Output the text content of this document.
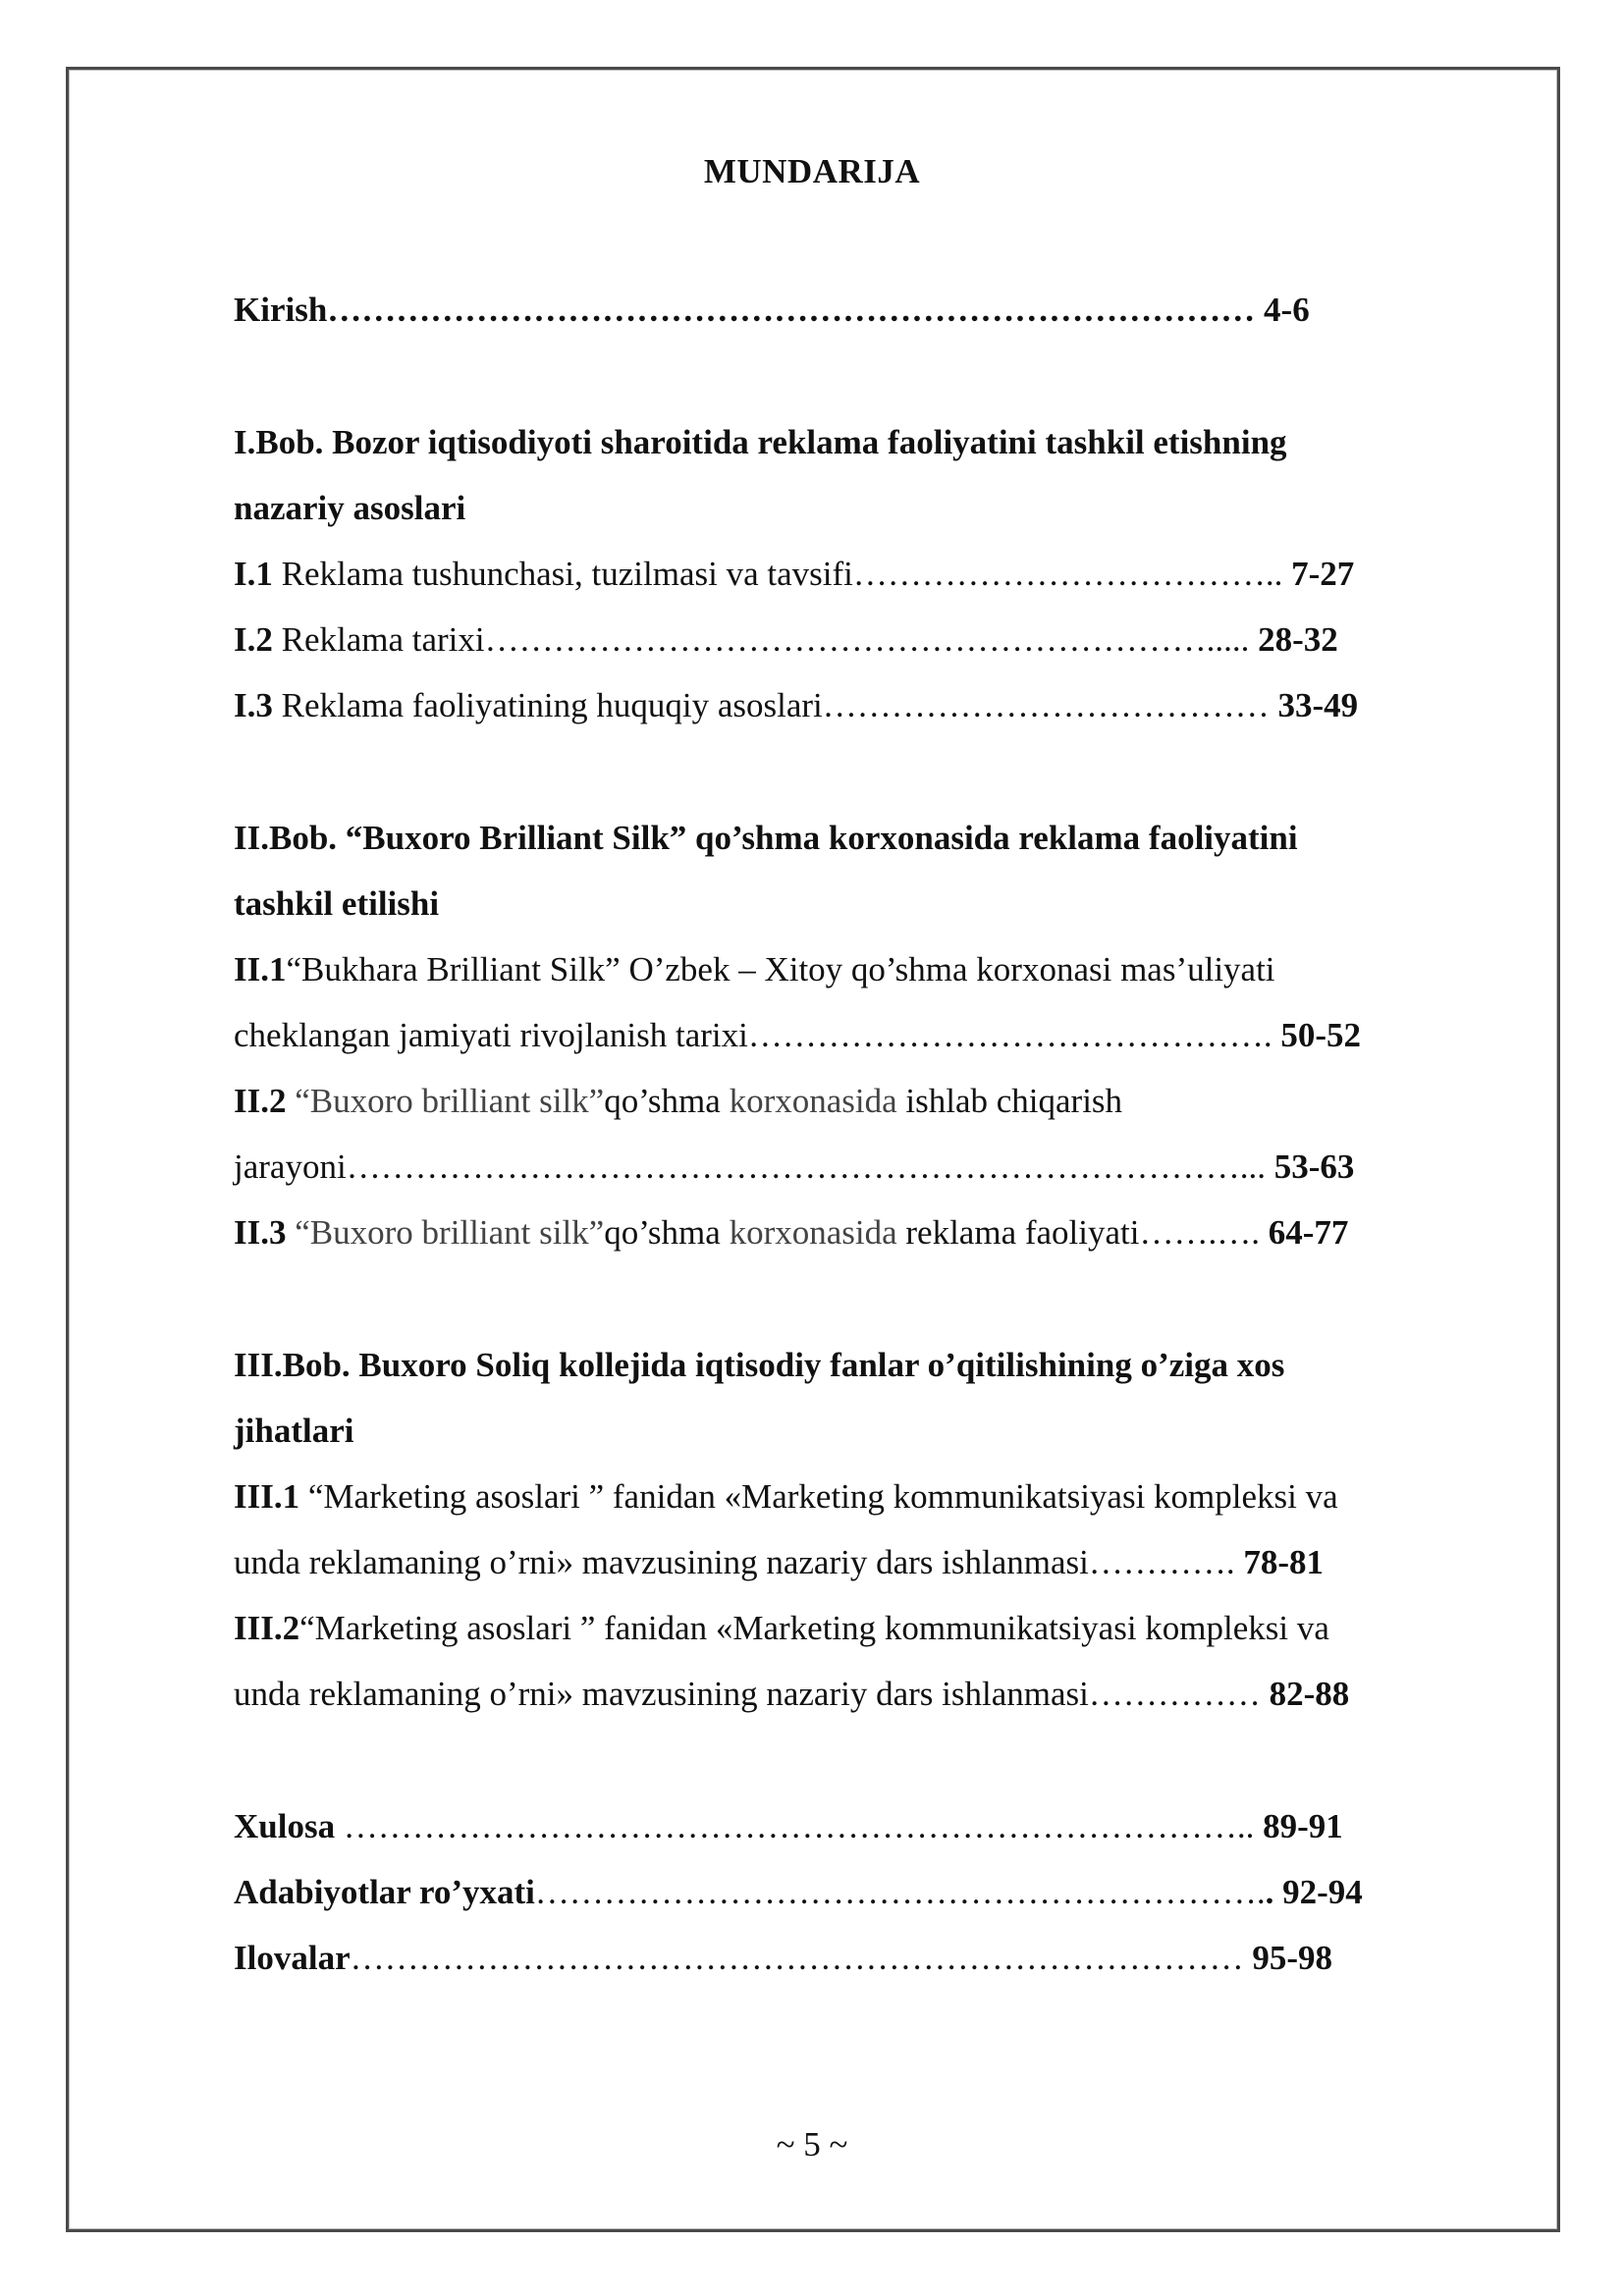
MUNDARIJA
Kirish……………………………………………………………………… 4-6
I.Bob. Bozor iqtisodiyoti sharoitida reklama faoliyatini tashkil etishning
nazariy asoslari
I.1 Reklama tushunchasi, tuzilmasi va tavsifi……………………………….. 7-27
I.2 Reklama tarixi………………………………………………………..... 28-32
I.3 Reklama faoliyatining huquqiy asoslari………………………………… 33-49
II.Bob. “Buxoro Brilliant Silk” qo’shma korxonasida reklama faoliyatini
tashkil etilishi
II.1“Bukhara Brilliant Silk” O’zbek – Xitoy qo’shma korxonasi mas’uliyati
cheklangan jamiyati rivojlanish tarixi………………………………………. 50-52
II.2 “Buxoro brilliant silk”qo’shma korxonasida ishlab chiqarish
jarayoni……………………………………………………………………... 53-63
II.3 “Buxoro brilliant silk”qo’shma korxonasida reklama faoliyati…….…. 64-77
III.Bob. Buxoro Soliq kollejida iqtisodiy fanlar o’qitilishining o’ziga xos
jihatlari
III.1 “Marketing asoslari ” fanidan «Marketing kommunikatsiyasi kompleksi va
unda reklamaning o’rni» mavzusining nazariy dars ishlanmasi…………. 78-81
III.2“Marketing asoslari ” fanidan «Marketing kommunikatsiyasi kompleksi va
unda reklamaning o’rni» mavzusining nazariy dars ishlanmasi…………… 82-88
Xulosa …………………………………………………………………….. 89-91
Adabiyotlar ro’yxati……………………………………………………….. 92-94
Ilovalar…………………………………………………………………… 95-98
~ 5 ~
